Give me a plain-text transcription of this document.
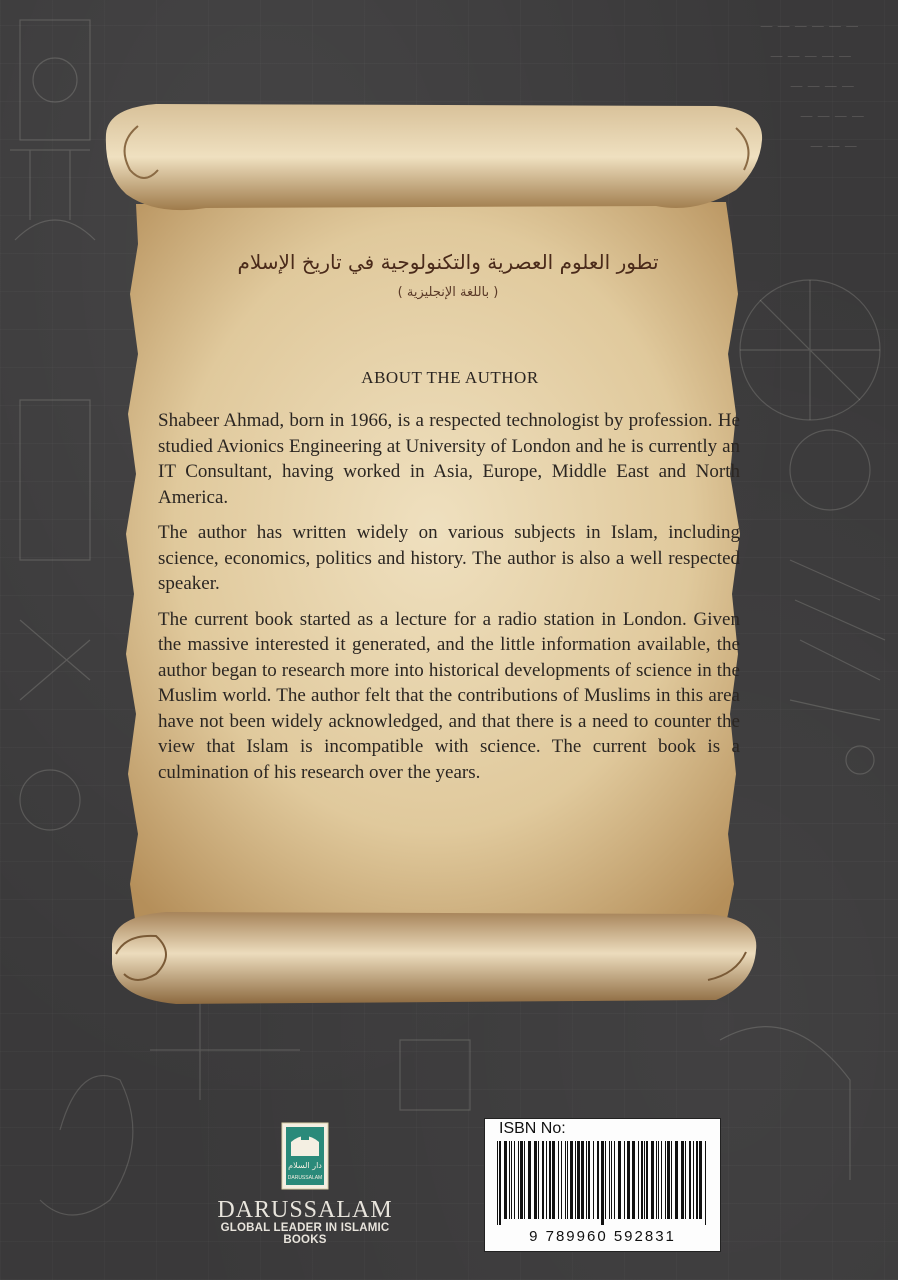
— — — — — —
— — — — —
— — — —
— — — —
— — —
تطور العلوم العصرية والتكنولوجية في تاريخ الإسلام
( باللغة الإنجليزية )
ABOUT THE AUTHOR

Shabeer Ahmad, born in 1966, is a respected technologist by profession. He studied Avionics Engineering at University of London and he is currently an IT Consultant, having worked in Asia, Europe, Middle East and North America.

The author has written widely on various subjects in Islam, including science, economics, politics and history. The author is also a well respected speaker.

The current book started as a lecture for a radio station in London. Given the massive interested it generated, and the little information available, the author began to research more into historical developments of science in the Muslim world. The author felt that the contributions of Muslims in this area have not been widely acknowledged, and that there is a need to counter the view that Islam is incompatible with science. The current book is a culmination of his research over the years.

دار السلام
DARUSSALAM
DARUSSALAM
GLOBAL LEADER IN ISLAMIC BOOKS
ISBN No:
9 789960 592831
